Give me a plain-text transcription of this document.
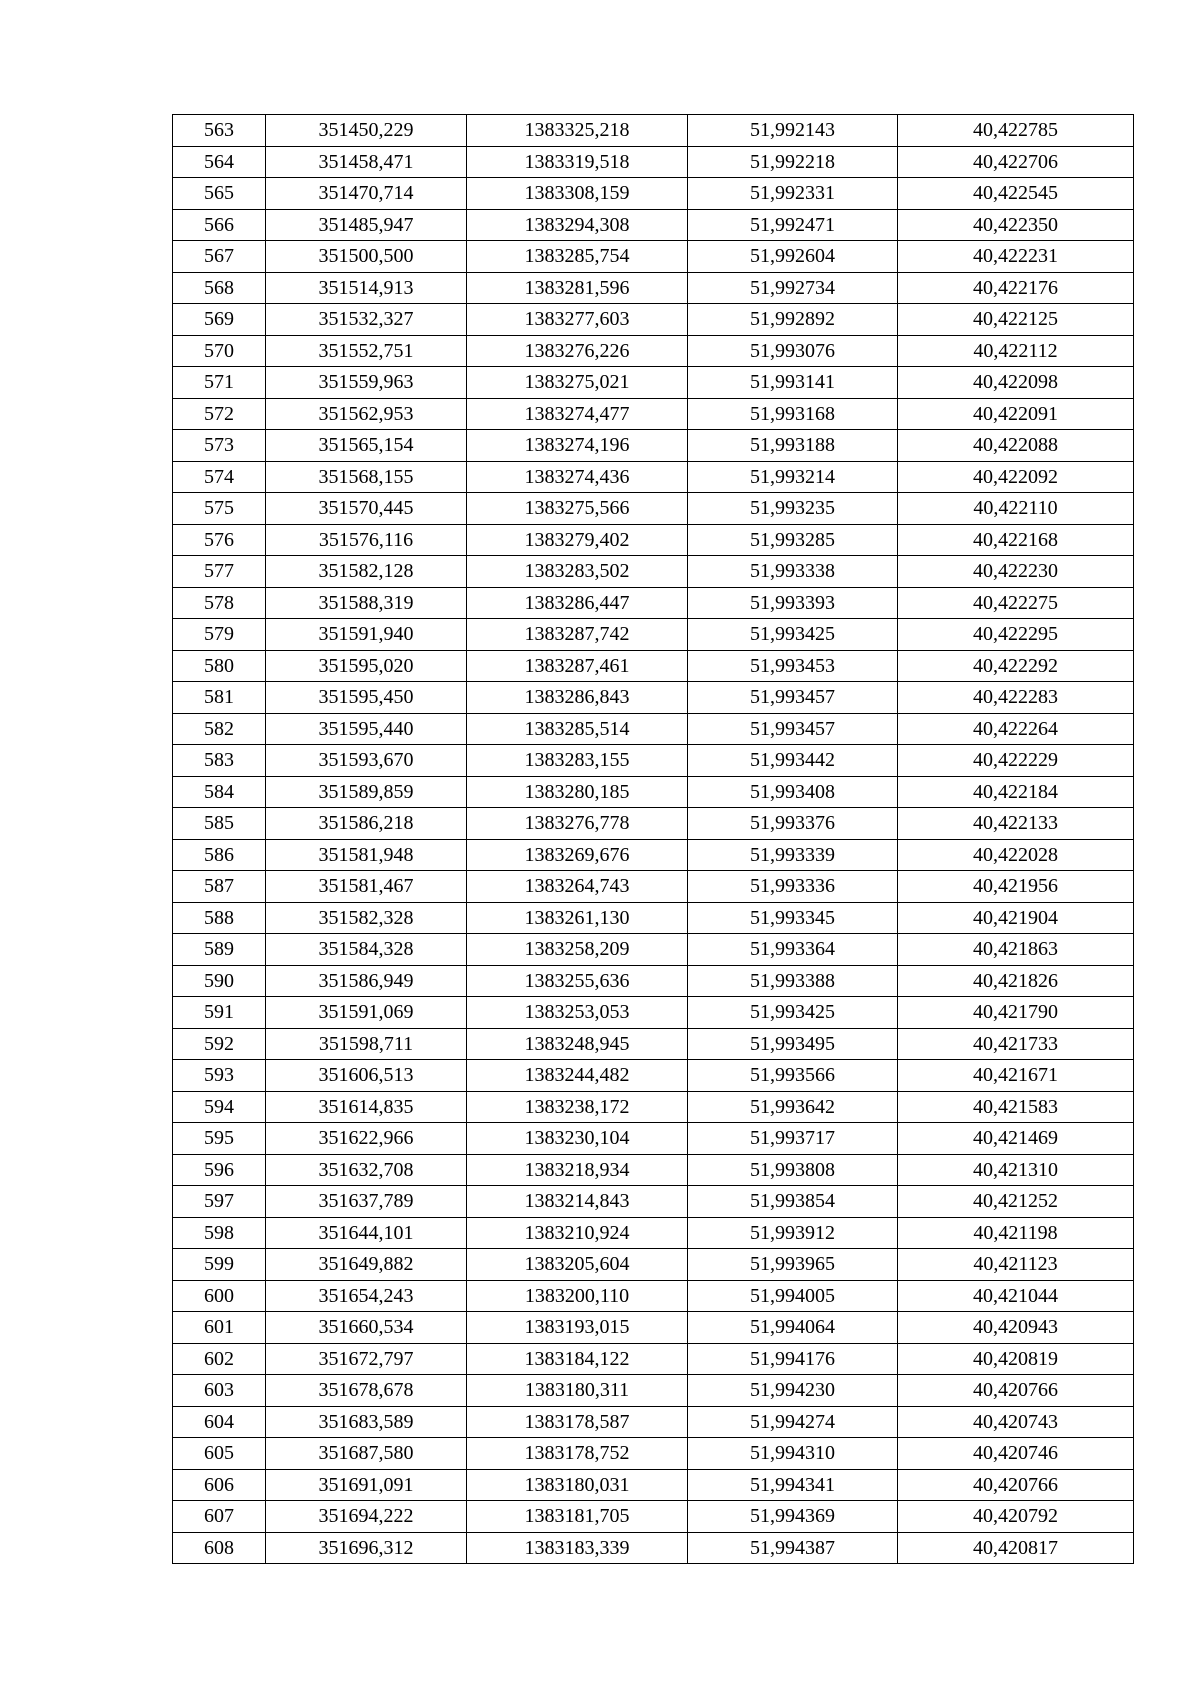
563	351450,229	1383325,218	51,992143	40,422785
564	351458,471	1383319,518	51,992218	40,422706
565	351470,714	1383308,159	51,992331	40,422545
566	351485,947	1383294,308	51,992471	40,422350
567	351500,500	1383285,754	51,992604	40,422231
568	351514,913	1383281,596	51,992734	40,422176
569	351532,327	1383277,603	51,992892	40,422125
570	351552,751	1383276,226	51,993076	40,422112
571	351559,963	1383275,021	51,993141	40,422098
572	351562,953	1383274,477	51,993168	40,422091
573	351565,154	1383274,196	51,993188	40,422088
574	351568,155	1383274,436	51,993214	40,422092
575	351570,445	1383275,566	51,993235	40,422110
576	351576,116	1383279,402	51,993285	40,422168
577	351582,128	1383283,502	51,993338	40,422230
578	351588,319	1383286,447	51,993393	40,422275
579	351591,940	1383287,742	51,993425	40,422295
580	351595,020	1383287,461	51,993453	40,422292
581	351595,450	1383286,843	51,993457	40,422283
582	351595,440	1383285,514	51,993457	40,422264
583	351593,670	1383283,155	51,993442	40,422229
584	351589,859	1383280,185	51,993408	40,422184
585	351586,218	1383276,778	51,993376	40,422133
586	351581,948	1383269,676	51,993339	40,422028
587	351581,467	1383264,743	51,993336	40,421956
588	351582,328	1383261,130	51,993345	40,421904
589	351584,328	1383258,209	51,993364	40,421863
590	351586,949	1383255,636	51,993388	40,421826
591	351591,069	1383253,053	51,993425	40,421790
592	351598,711	1383248,945	51,993495	40,421733
593	351606,513	1383244,482	51,993566	40,421671
594	351614,835	1383238,172	51,993642	40,421583
595	351622,966	1383230,104	51,993717	40,421469
596	351632,708	1383218,934	51,993808	40,421310
597	351637,789	1383214,843	51,993854	40,421252
598	351644,101	1383210,924	51,993912	40,421198
599	351649,882	1383205,604	51,993965	40,421123
600	351654,243	1383200,110	51,994005	40,421044
601	351660,534	1383193,015	51,994064	40,420943
602	351672,797	1383184,122	51,994176	40,420819
603	351678,678	1383180,311	51,994230	40,420766
604	351683,589	1383178,587	51,994274	40,420743
605	351687,580	1383178,752	51,994310	40,420746
606	351691,091	1383180,031	51,994341	40,420766
607	351694,222	1383181,705	51,994369	40,420792
608	351696,312	1383183,339	51,994387	40,420817
